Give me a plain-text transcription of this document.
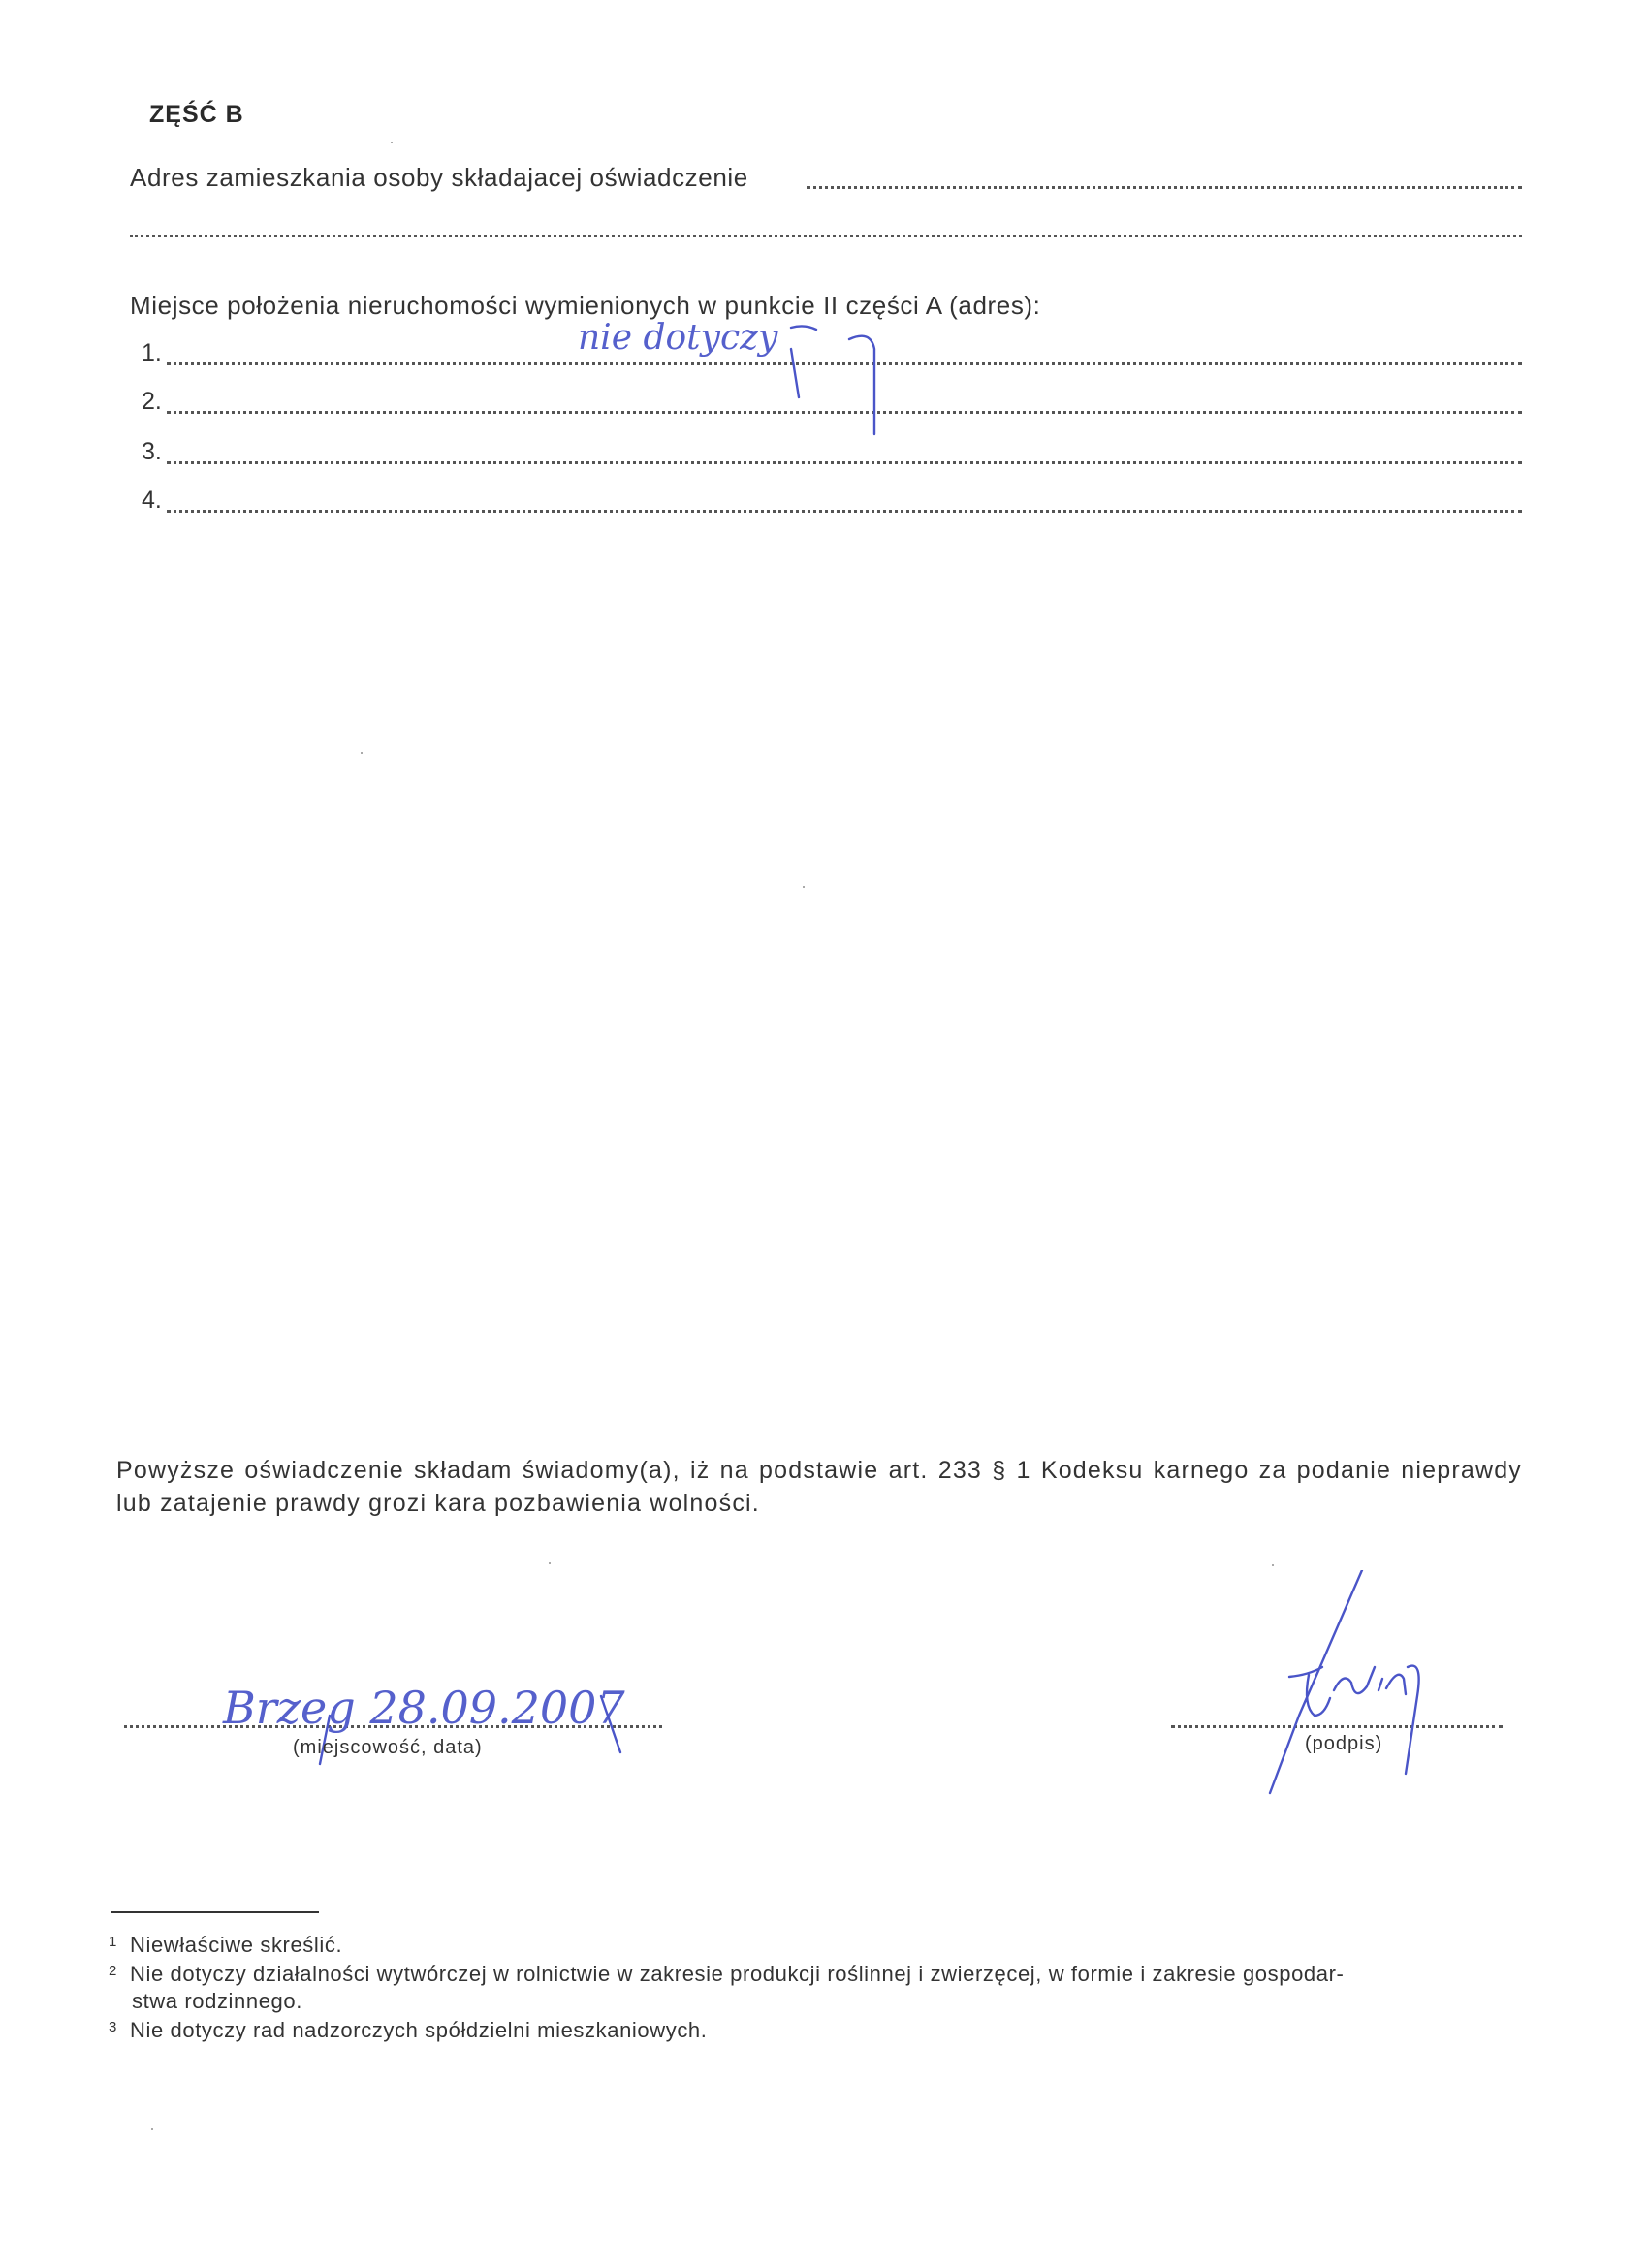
ZĘŚĆ B
Adres zamieszkania osoby składajacej oświadczenie
Miejsce położenia nieruchomości wymienionych w punkcie II części A (adres):
1.
2.
3.
4.
nie dotyczy
Powyższe oświadczenie składam świadomy(a), iż na podstawie art. 233 § 1 Kodeksu karnego za podanie nieprawdy lub zatajenie prawdy grozi kara pozbawienia wolności.
Brzeg 28.09.2007
(miejscowość, data)	(podpis)
$^1$ Niewłaściwe skreślić.
$^2$ Nie dotyczy działalności wytwórczej w rolnictwie w zakresie produkcji roślinnej i zwierzęcej, w formie i zakresie gospodar-
stwa rodzinnego.
$^3$ Nie dotyczy rad nadzorczych spółdzielni mieszkaniowych.
